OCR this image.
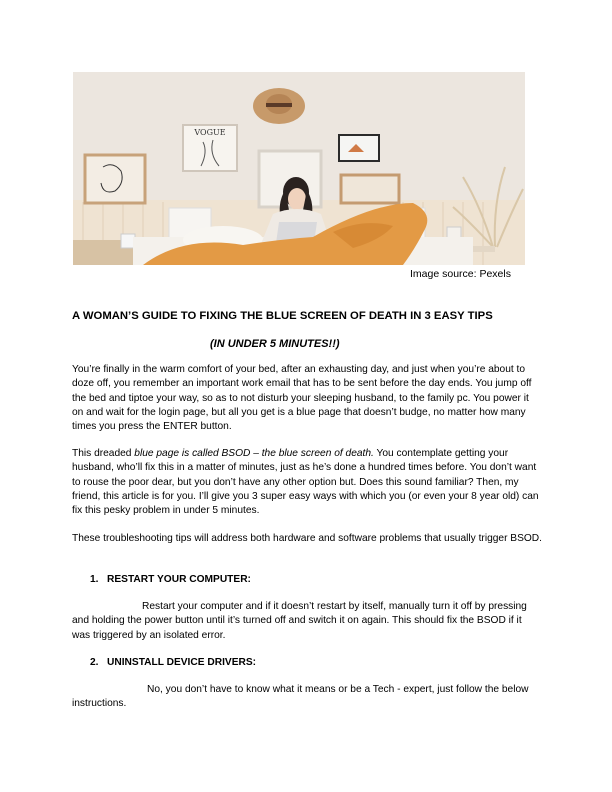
VOGUE
Image source: Pexels
A WOMAN’S GUIDE TO FIXING THE BLUE SCREEN OF DEATH IN 3 EASY TIPS
(IN UNDER 5 MINUTES!!)

You’re finally in the warm comfort of your bed, after an exhausting day, and just when you’re about to doze off, you remember an important work email that has to be sent before the day ends. You jump off the bed and tiptoe your way, so as to not disturb your sleeping husband, to the family pc. You power it on and wait for the login page, but all you get is a blue page that doesn’t budge, no matter how many times you press the ENTER button.

This dreaded blue page is called BSOD – the blue screen of death. You contemplate getting your husband, who’ll fix this in a matter of minutes, just as he’s done a hundred times before. You don’t want to rouse the poor dear, but you don’t have any other option but. Does this sound familiar? Then, my friend, this article is for you. I’ll give you 3 super easy ways with which you (or even your 8 year old) can fix this pesky problem in under 5 minutes.

These troubleshooting tips will address both hardware and software problems that usually trigger BSOD.

1. RESTART YOUR COMPUTER:

Restart your computer and if it doesn’t restart by itself, manually turn it off by pressing and holding the power button until it’s turned off and switch it on again. This should fix the BSOD if it was triggered by an isolated error.

2. UNINSTALL DEVICE DRIVERS:

No, you don’t have to know what it means or be a Tech - expert, just follow the below instructions.
